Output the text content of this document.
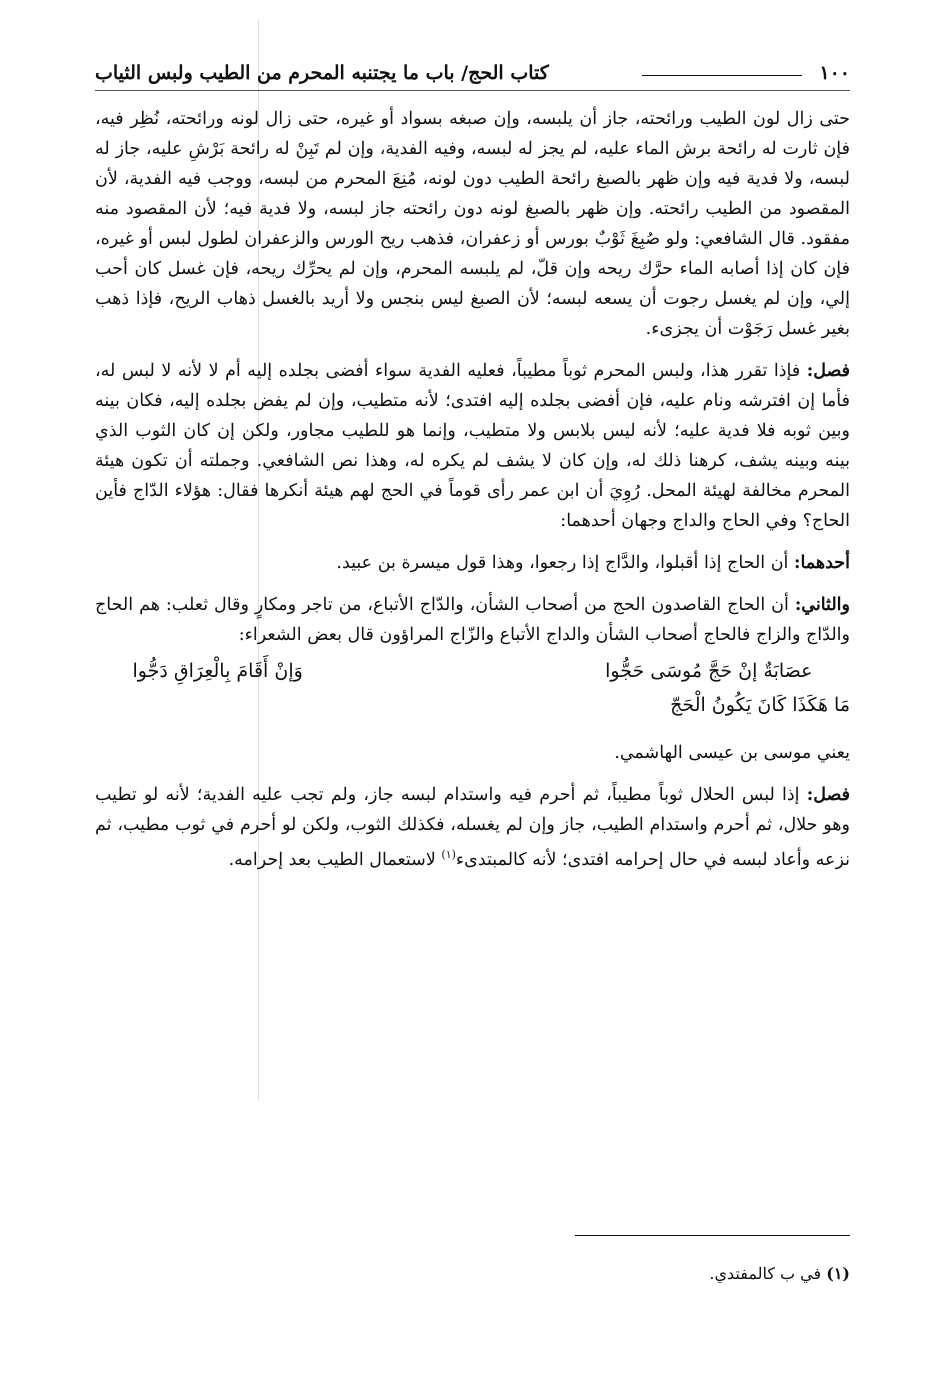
١٠٠
كتاب الحج/ باب ما يجتنبه المحرم من الطيب ولبس الثياب

حتى زال لون الطيب ورائحته، جاز أن يلبسه، وإن صبغه بسواد أو غيره، حتى زال لونه ورائحته، نُظِر فيه، فإن ثارت له رائحة برش الماء عليه، لم يجز له لبسه، وفيه الفدية، وإن لم تَبِنْ له رائحة بَرْشِ عليه، جاز له لبسه، ولا فدية فيه وإن ظهر بالصبغ رائحة الطيب دون لونه، مُنِعَ المحرم من لبسه، ووجب فيه الفدية، لأن المقصود من الطيب رائحته. وإن ظهر بالصبغ لونه دون رائحته جاز لبسه، ولا فدية فيه؛ لأن المقصود منه مفقود. قال الشافعي: ولو صُبِغَ ثَوْبٌ بورس أو زعفران، فذهب ريح الورس والزعفران لطول لبس أو غيره، فإن كان إذا أصابه الماء حرَّك ريحه وإن قلّ، لم يلبسه المحرم، وإن لم يحرِّك ريحه، فإن غسل كان أحب إلي، وإن لم يغسل رجوت أن يسعه لبسه؛ لأن الصبغ ليس بنجس ولا أريد بالغسل ذهاب الريح، فإذا ذهب بغير غسل رَجَوْت أن يجزىء.

فصل: فإذا تقرر هذا، ولبس المحرم ثوباً مطيباً، فعليه الفدية سواء أفضى بجلده إليه أم لا لأنه لا لبس له، فأما إن افترشه ونام عليه، فإن أفضى بجلده إليه افتدى؛ لأنه متطيب، وإن لم يفض بجلده إليه، فكان بينه وبين ثوبه فلا فدية عليه؛ لأنه ليس بلابس ولا متطيب، وإنما هو للطيب مجاور، ولكن إن كان الثوب الذي بينه وبينه يشف، كرهنا ذلك له، وإن كان لا يشف لم يكره له، وهذا نص الشافعي. وجملته أن تكون هيئة المحرم مخالفة لهيئة المحل. رُوِيَ أن ابن عمر رأى قوماً في الحج لهم هيئة أنكرها فقال: هؤلاء الدّاج فأين الحاج؟ وفي الحاج والداج وجهان أحدهما:

أحدهما: أن الحاج إذا أقبلوا، والدَّاج إذا رجعوا، وهذا قول ميسرة بن عبيد.

والثاني: أن الحاج القاصدون الحج من أصحاب الشأن، والدّاج الأتباع، من تاجر ومكارٍ وقال ثعلب: هم الحاج والدّاج والزاج فالحاج أصحاب الشأن والداج الأتباع والزّاج المراؤون قال بعض الشعراء:

عصَابَةٌ إنْ حَجَّ مُوسَى حَجُّوا
وَإنْ أَقَامَ بِالْعِرَاقِ دَجُّوا
مَا هَكَذَا كَانَ يَكُونُ الْحَجّ

يعني موسى بن عيسى الهاشمي.

فصل: إذا لبس الحلال ثوباً مطيباً، ثم أحرم فيه واستدام لبسه جاز، ولم تجب عليه الفدية؛ لأنه لو تطيب وهو حلال، ثم أحرم واستدام الطيب، جاز وإن لم يغسله، فكذلك الثوب، ولكن لو أحرم في ثوب مطيب، ثم نزعه وأعاد لبسه في حال إحرامه افتدى؛ لأنه كالمبتدىء$^{(١)}$ لاستعمال الطيب بعد إحرامه.

(١) في ب كالمفتدي.
